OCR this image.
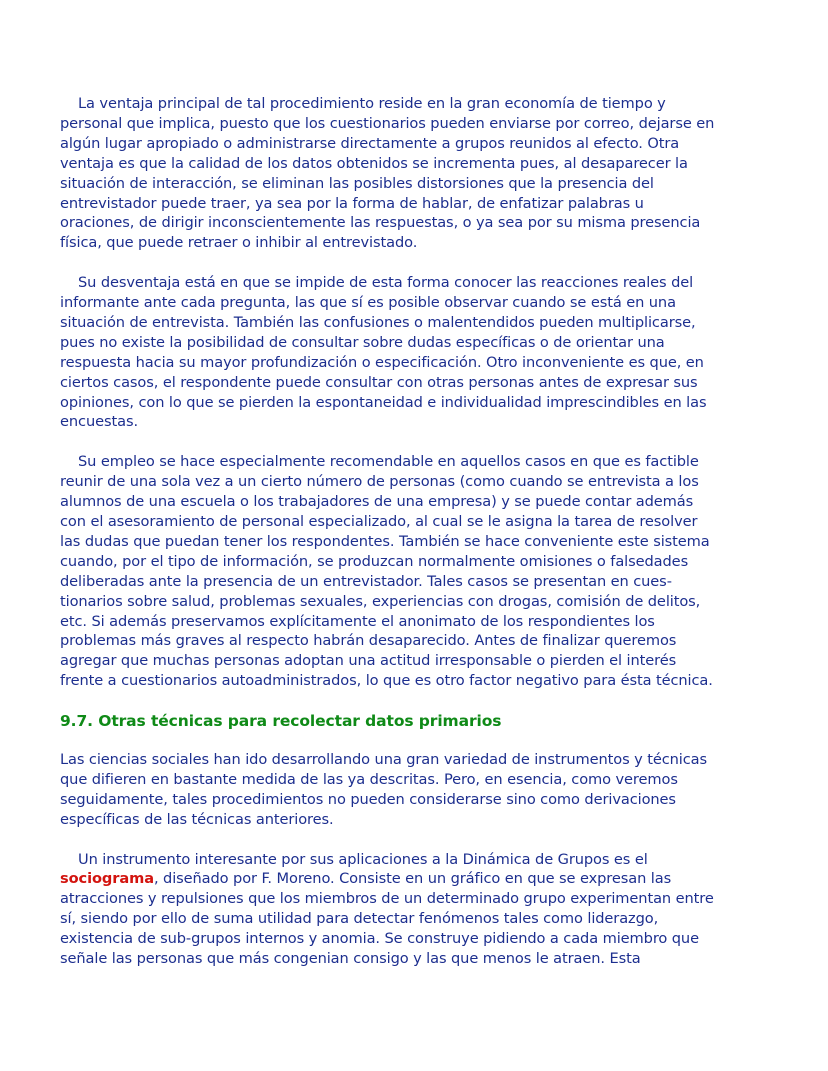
La ventaja principal de tal procedimiento reside en la gran economía de tiempo y
personal que implica, puesto que los cuestionarios pueden enviarse por correo, dejarse en
algún lugar apropiado o administrarse directamente a grupos reunidos al efecto. Otra
ventaja es que la calidad de los datos obtenidos se incrementa pues, al desaparecer la
situación de interacción, se eliminan las posibles distorsiones que la presencia del
entrevistador puede traer, ya sea por la forma de hablar, de enfatizar palabras u
oraciones, de dirigir inconscientemente las respuestas, o ya sea por su misma presencia
física, que puede retraer o inhibir al entrevistado.

Su desventaja está en que se impide de esta forma conocer las reacciones reales del
informante ante cada pregunta, las que sí es posible observar cuando se está en una
situación de entrevista. También las confusiones o malentendidos pueden multiplicarse,
pues no existe la posibilidad de consultar sobre dudas específicas o de orientar una
respuesta hacia su mayor profundización o especificación. Otro inconveniente es que, en
ciertos casos, el respondente puede consultar con otras personas antes de expresar sus
opiniones, con lo que se pierden la espontaneidad e individualidad imprescindibles en las
encuestas.

Su empleo se hace especialmente recomendable en aquellos casos en que es factible
reunir de una sola vez a un cierto número de personas (como cuando se entrevista a los
alumnos de una escuela o los trabajadores de una empresa) y se puede contar además
con el asesoramiento de personal especializado, al cual se le asigna la tarea de resolver
las dudas que puedan tener los respondentes. También se hace conveniente este sistema
cuando, por el tipo de información, se produzcan normalmente omisiones o falsedades
deliberadas ante la presencia de un entrevistador. Tales casos se presentan en cues-
tionarios sobre salud, problemas sexuales, experiencias con drogas, comisión de delitos,
etc. Si además preservamos explícitamente el anonimato de los respondientes los
problemas más graves al respecto habrán desaparecido. Antes de finalizar queremos
agregar que muchas personas adoptan una actitud irresponsable o pierden el interés
frente a cuestionarios autoadministrados, lo que es otro factor negativo para ésta técnica.

9.7. Otras técnicas para recolectar datos primarios

Las ciencias sociales han ido desarrollando una gran variedad de instrumentos y técnicas
que difieren en bastante medida de las ya descritas. Pero, en esencia, como veremos
seguidamente, tales procedimientos no pueden considerarse sino como derivaciones
específicas de las técnicas anteriores.

Un instrumento interesante por sus aplicaciones a la Dinámica de Grupos es el
sociograma, diseñado por F. Moreno. Consiste en un gráfico en que se expresan las
atracciones y repulsiones que los miembros de un determinado grupo experimentan entre
sí, siendo por ello de suma utilidad para detectar fenómenos tales como liderazgo,
existencia de sub-grupos internos y anomia. Se construye pidiendo a cada miembro que
señale las personas que más congenian consigo y las que menos le atraen. Esta
